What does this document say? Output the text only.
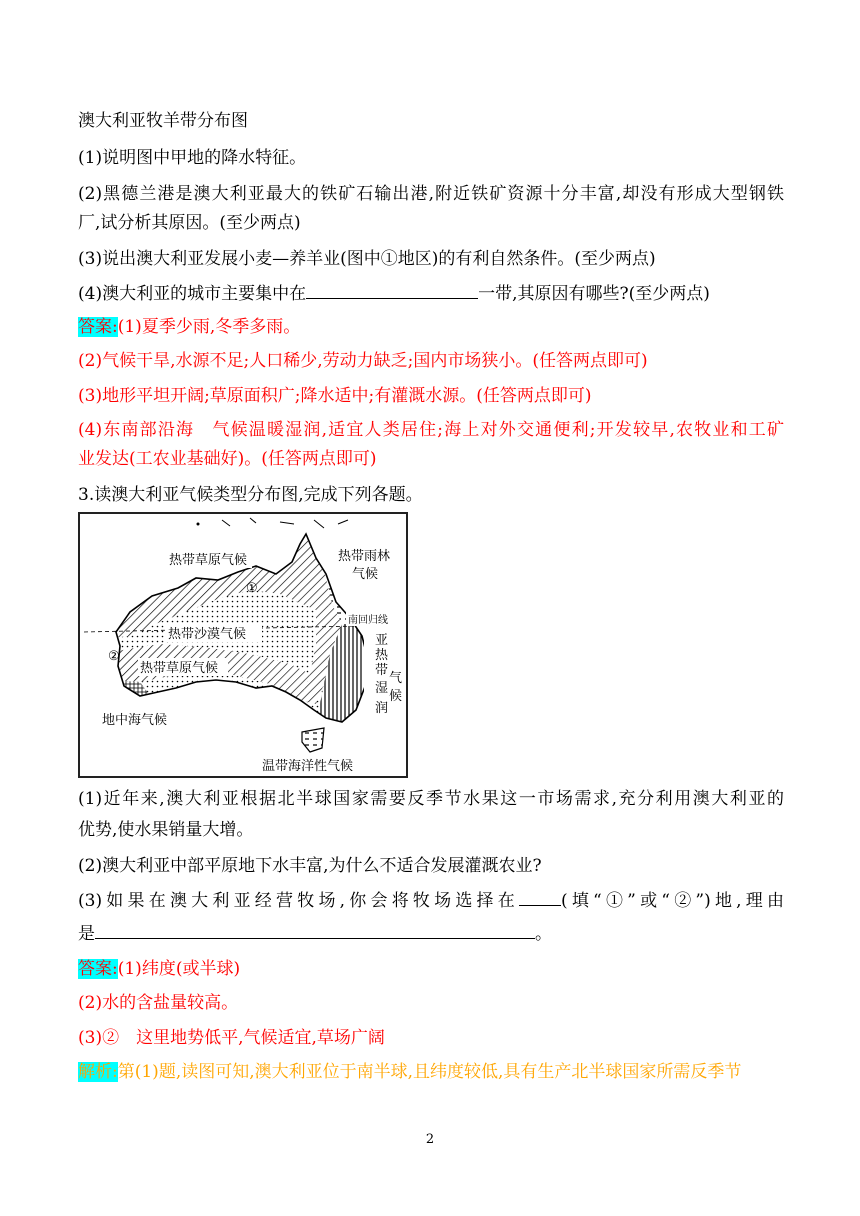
澳大利亚牧羊带分布图
(1)说明图中甲地的降水特征。
(2)黑德兰港是澳大利亚最大的铁矿石输出港,附近铁矿资源十分丰富,却没有形成大型钢铁
厂,试分析其原因。(至少两点)
(3)说出澳大利亚发展小麦—养羊业(图中①地区)的有利自然条件。(至少两点)
(4)澳大利亚的城市主要集中在	一带,其原因有哪些?(至少两点)
答案:(1)夏季少雨,冬季多雨。
(2)气候干旱,水源不足;人口稀少,劳动力缺乏;国内市场狭小。(任答两点即可)
(3)地形平坦开阔;草原面积广;降水适中;有灌溉水源。(任答两点即可)
(4)东南部沿海　气候温暖湿润,适宜人类居住;海上对外交通便利;开发较早,农牧业和工矿
业发达(工农业基础好)。(任答两点即可)
3.读澳大利亚气候类型分布图,完成下列各题。
热带草原气候	热带雨林
气候
①
南回归线
热带沙漠气候
②
热带草原气候
亚
热
带
气
湿
候
润
地中海气候
温带海洋性气候
(1)近年来,澳大利亚根据北半球国家需要反季节水果这一市场需求,充分利用澳大利亚的
优势,使水果销量大增。
(2)澳大利亚中部平原地下水丰富,为什么不适合发展灌溉农业?
(3)如果在澳大利亚经营牧场,你会将牧场选择在 (填“①”或“②”)地,理由
是	。
答案:(1)纬度(或半球)
(2)水的含盐量较高。
(3)②　这里地势低平,气候适宜,草场广阔
解析:第(1)题,读图可知,澳大利亚位于南半球,且纬度较低,具有生产北半球国家所需反季节
2
